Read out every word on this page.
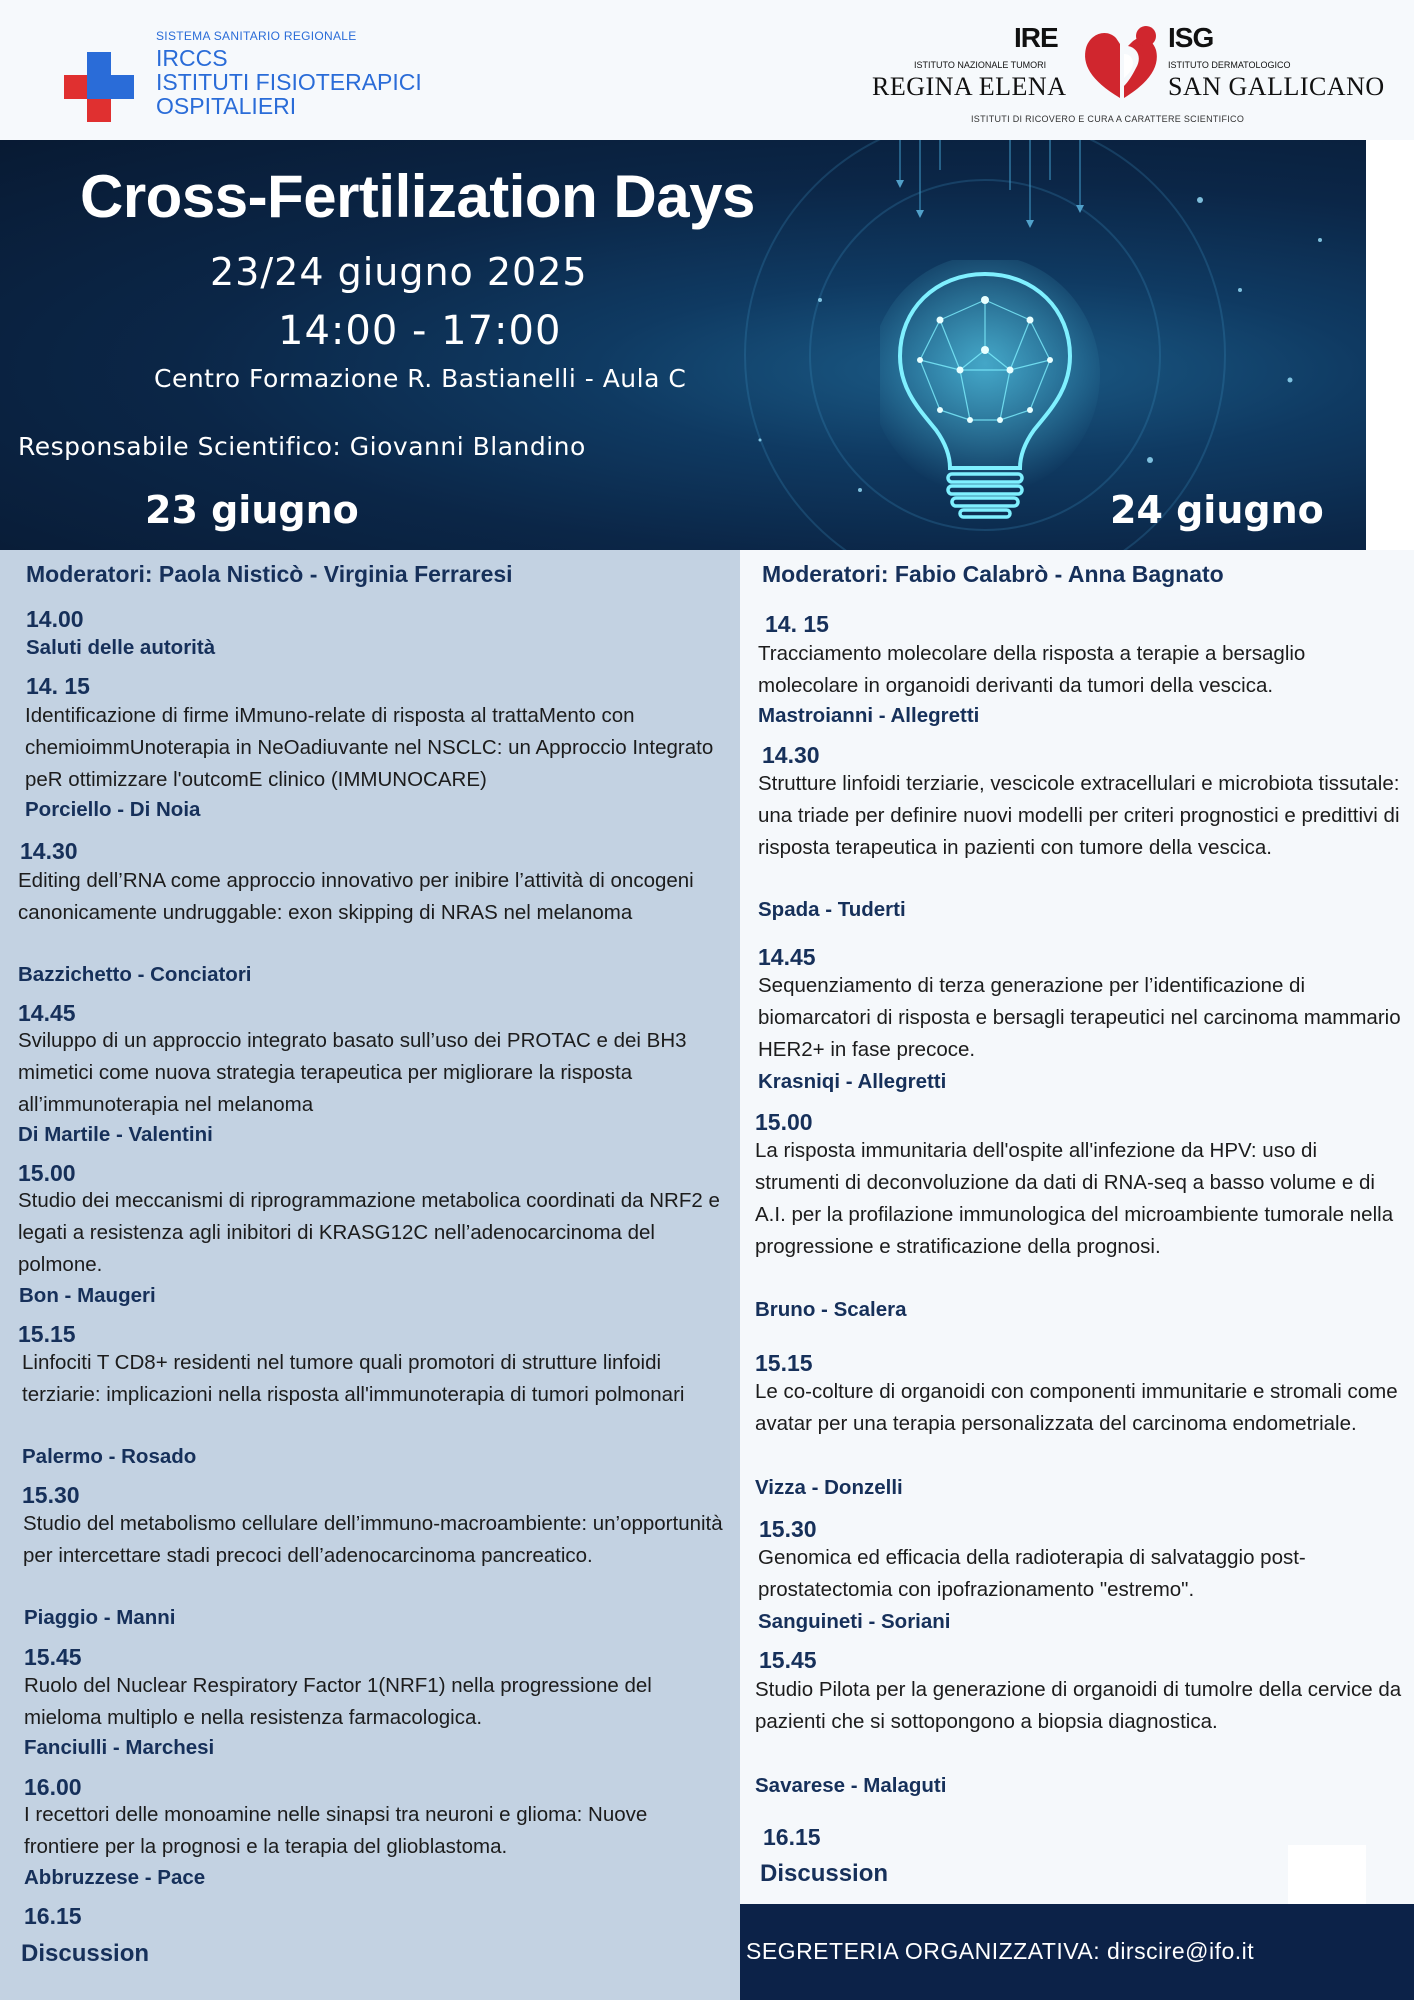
SISTEMA SANITARIO REGIONALE
IRCCS
ISTITUTI FISIOTERAPICI
OSPITALIERI
IRE
ISTITUTO NAZIONALE TUMORI
REGINA ELENA
ISG
ISTITUTO DERMATOLOGICO
SAN GALLICANO
ISTITUTI DI RICOVERO E CURA A CARATTERE SCIENTIFICO
Cross-Fertilization Days
23/24 giugno 2025
14:00 - 17:00
Centro Formazione R. Bastianelli - Aula C
Responsabile Scientifico: Giovanni Blandino
23 giugno	24 giugno
Moderatori: Paola Nisticò - Virginia Ferraresi
14.00
Saluti delle autorità
14. 15
Identificazione di firme iMmuno-relate di risposta al trattaMento con chemioimmUnoterapia in NeOadiuvante nel NSCLC: un Approccio Integrato peR ottimizzare l'outcomE clinico (IMMUNOCARE)
Porciello - Di Noia
14.30
Editing dell’RNA come approccio innovativo per inibire l’attività di oncogeni canonicamente undruggable: exon skipping di NRAS nel melanoma
Bazzichetto - Conciatori
14.45
Sviluppo di un approccio integrato basato sull’uso dei PROTAC e dei BH3 mimetici come nuova strategia terapeutica per migliorare la risposta all’immunoterapia nel melanoma
Di Martile - Valentini
15.00
Studio dei meccanismi di riprogrammazione metabolica coordinati da NRF2 e legati a resistenza agli inibitori di KRASG12C nell’adenocarcinoma del polmone.
Bon - Maugeri
15.15
Linfociti T CD8+ residenti nel tumore quali promotori di strutture linfoidi terziarie: implicazioni nella risposta all'immunoterapia di tumori polmonari
Palermo - Rosado
15.30
Studio del metabolismo cellulare dell’immuno-macroambiente: un’opportunità per intercettare stadi precoci dell’adenocarcinoma pancreatico.
Piaggio - Manni
15.45
Ruolo del Nuclear Respiratory Factor 1(NRF1) nella progressione del mieloma multiplo e nella resistenza farmacologica.
Fanciulli - Marchesi
16.00
I recettori delle monoamine nelle sinapsi tra neuroni e glioma: Nuove frontiere per la prognosi e la terapia del glioblastoma.
Abbruzzese - Pace
16.15
Discussion
Moderatori: Fabio Calabrò - Anna Bagnato
14. 15
Tracciamento molecolare della risposta a terapie a bersaglio molecolare in organoidi derivanti da tumori della vescica.
Mastroianni - Allegretti
14.30
Strutture linfoidi terziarie, vescicole extracellulari e microbiota tissutale: una triade per definire nuovi modelli per criteri prognostici e predittivi di risposta terapeutica in pazienti con tumore della vescica.
Spada - Tuderti
14.45
Sequenziamento di terza generazione per l’identificazione di biomarcatori di risposta e bersagli terapeutici nel carcinoma mammario HER2+ in fase precoce.
Krasniqi - Allegretti
15.00
La risposta immunitaria dell'ospite all'infezione da HPV: uso di strumenti di deconvoluzione da dati di RNA-seq a basso volume e di A.I. per la profilazione immunologica del microambiente tumorale nella progressione e stratificazione della prognosi.
Bruno - Scalera
15.15
Le co-colture di organoidi con componenti immunitarie e stromali come avatar per una terapia personalizzata del carcinoma endometriale.
Vizza - Donzelli
15.30
Genomica ed efficacia della radioterapia di salvataggio post-prostatectomia con ipofrazionamento "estremo".
Sanguineti - Soriani
15.45
Studio Pilota per la generazione di organoidi di tumolre della cervice da pazienti che si sottopongono a biopsia diagnostica.
Savarese - Malaguti
16.15
Discussion
SEGRETERIA ORGANIZZATIVA: dirscire@ifo.it
